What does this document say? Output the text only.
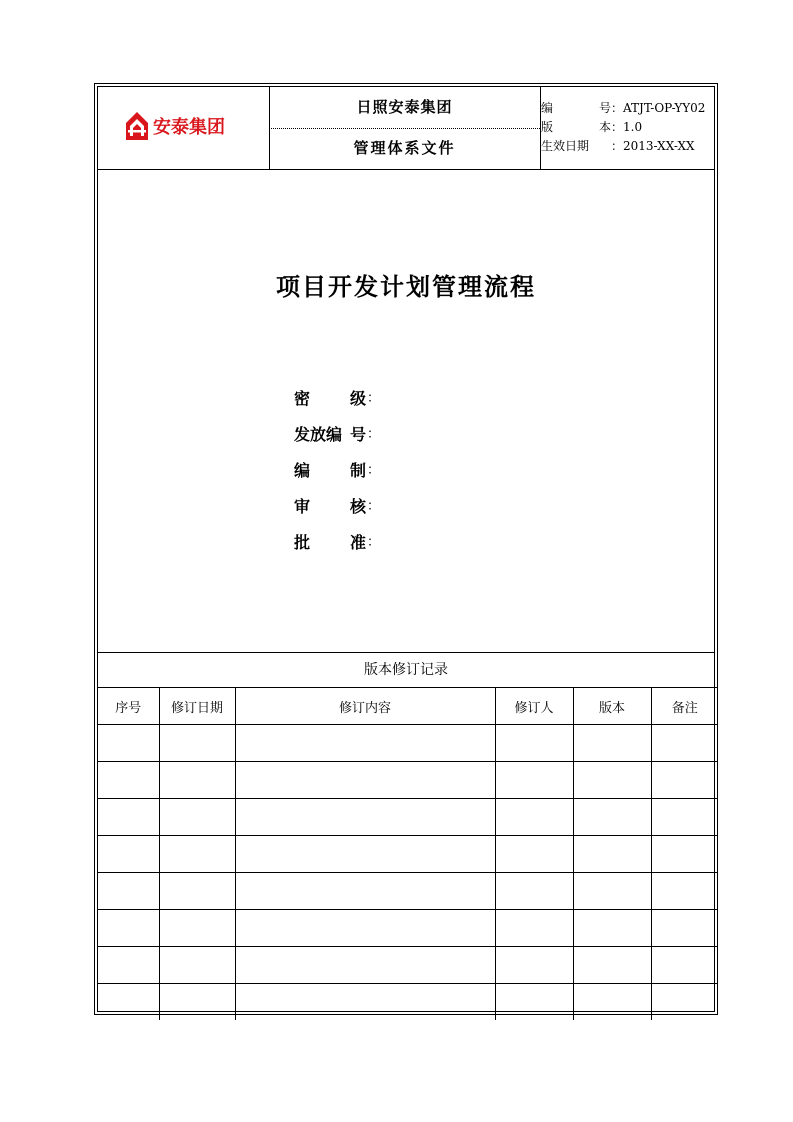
安泰集团
日照安泰集团
管理体系文件
编	号 ：ATJT-OP-YY02
版	本 ：1.0
生效日 期 ：2013-XX-XX
项目开发计划管理流程
密 级 ：
发放编 号 ：
编 制 ：
审 核 ：
批 准 ：
版本修订记录
序号	修订日期	修订内容	修订人	版本	备注
